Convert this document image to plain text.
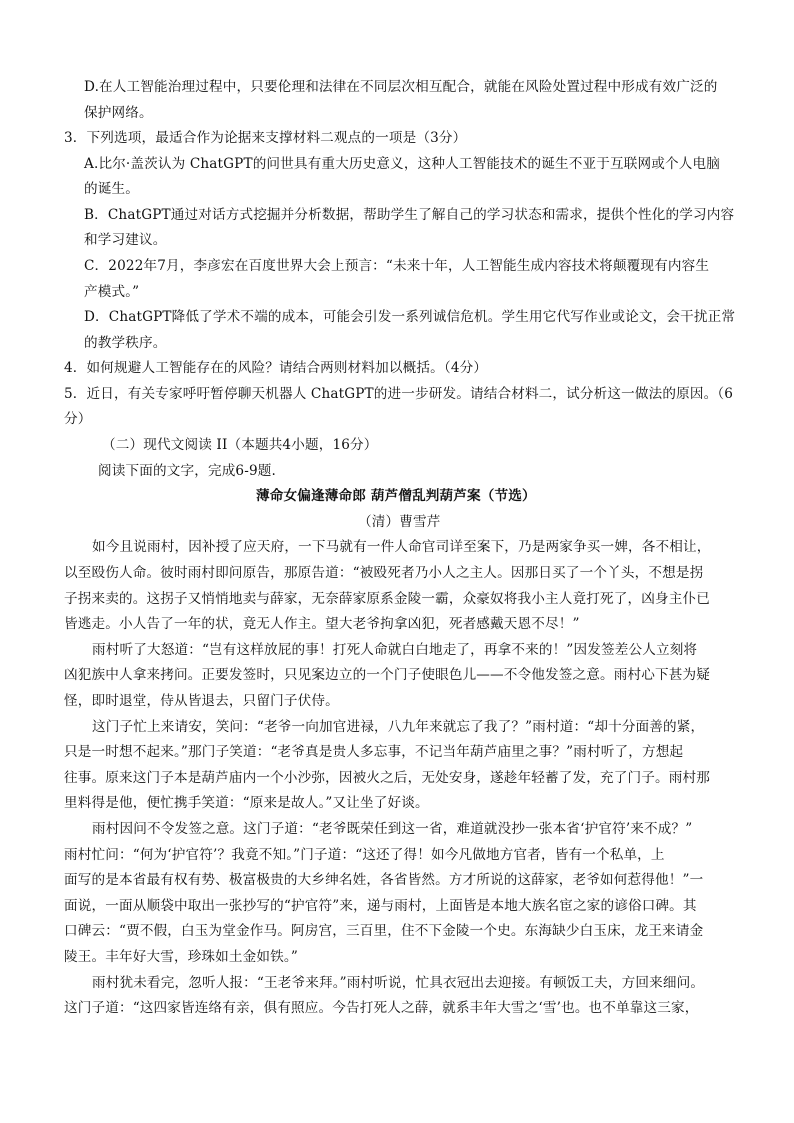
D.在人工智能治理过程中，只要伦理和法律在不同层次相互配合，就能在风险处置过程中形成有效广泛的
保护网络。
3．下列选项，最适合作为论据来支撑材料二观点的一项是（3分）
A.比尔·盖茨认为 ChatGPT的问世具有重大历史意义，这种人工智能技术的诞生不亚于互联网或个人电脑
的诞生。
B．ChatGPT通过对话方式挖掘并分析数据，帮助学生了解自己的学习状态和需求，提供个性化的学习内容
和学习建议。
C．2022年7月，李彦宏在百度世界大会上预言：“未来十年，人工智能生成内容技术将颠覆现有内容生
产模式。”
D．ChatGPT降低了学术不端的成本，可能会引发一系列诚信危机。学生用它代写作业或论文，会干扰正常
的教学秩序。
4．如何规避人工智能存在的风险？请结合两则材料加以概括。（4分）
5．近日，有关专家呼吁暂停聊天机器人 ChatGPT的进一步研发。请结合材料二，试分析这一做法的原因。（6
分）
（二）现代文阅读 II（本题共4小题，16分）
阅读下面的文字，完成6-9题.
薄命女偏逢薄命郎 葫芦僧乱判葫芦案（节选）
（清）曹雪芹
如今且说雨村，因补授了应天府，一下马就有一件人命官司详至案下，乃是两家争买一婢，各不相让，
以至殴伤人命。彼时雨村即问原告，那原告道：“被殴死者乃小人之主人。因那日买了一个丫头，不想是拐
子拐来卖的。这拐子又悄悄地卖与薛家，无奈薛家原系金陵一霸，众豪奴将我小主人竟打死了，凶身主仆已
皆逃走。小人告了一年的状，竟无人作主。望大老爷拘拿凶犯，死者感戴天恩不尽！”
雨村听了大怒道：“岂有这样放屁的事！打死人命就白白地走了，再拿不来的！”因发签差公人立刻将
凶犯族中人拿来拷问。正要发签时，只见案边立的一个门子使眼色儿——不令他发签之意。雨村心下甚为疑
怪，即时退堂，侍从皆退去，只留门子伏侍。
这门子忙上来请安，笑问：“老爷一向加官进禄，八九年来就忘了我了？”雨村道：“却十分面善的紧，
只是一时想不起来。”那门子笑道：“老爷真是贵人多忘事，不记当年葫芦庙里之事？”雨村听了，方想起
往事。原来这门子本是葫芦庙内一个小沙弥，因被火之后，无处安身，遂趁年轻蓄了发，充了门子。雨村那
里料得是他，便忙携手笑道：“原来是故人。”又让坐了好谈。
雨村因问不令发签之意。这门子道：“老爷既荣任到这一省，难道就没抄一张本省‘护官符’来不成？”
雨村忙问：“何为‘护官符’？我竟不知。”门子道：“这还了得！如今凡做地方官者，皆有一个私单，上
面写的是本省最有权有势、极富极贵的大乡绅名姓，各省皆然。方才所说的这薛家，老爷如何惹得他！”一
面说，一面从顺袋中取出一张抄写的“护官符”来，递与雨村，上面皆是本地大族名宦之家的谚俗口碑。其
口碑云：“贾不假，白玉为堂金作马。阿房宫，三百里，住不下金陵一个史。东海缺少白玉床，龙王来请金
陵王。丰年好大雪，珍珠如土金如铁。”
雨村犹未看完，忽听人报：“王老爷来拜。”雨村听说，忙具衣冠出去迎接。有顿饭工夫，方回来细问。
这门子道：“这四家皆连络有亲，俱有照应。今告打死人之薛，就系丰年大雪之‘雪’也。也不单靠这三家，
